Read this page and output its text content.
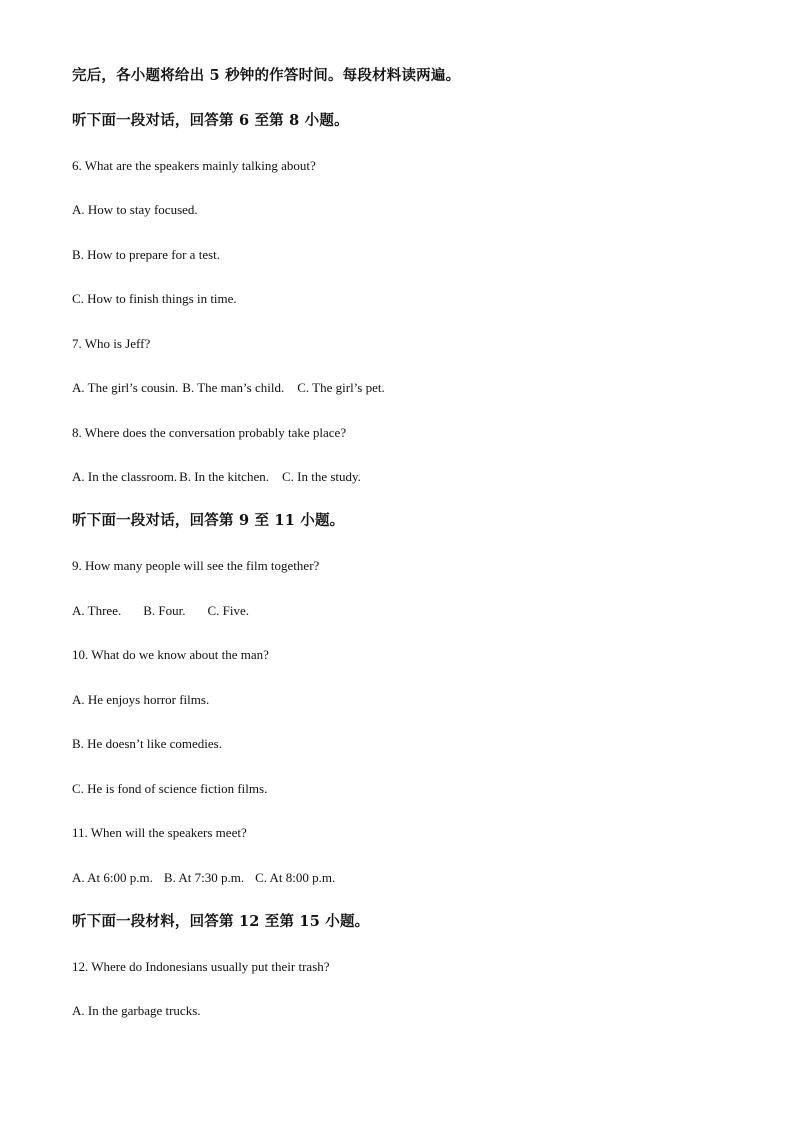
完后，各小题将给出 5 秒钟的作答时间。每段材料读两遍。
听下面一段对话，回答第 6 至第 8 小题。
6. What are the speakers mainly talking about?
A. How to stay focused.
B. How to prepare for a test.
C. How to finish things in time.
7. Who is Jeff?
A. The girl’s cousin. B. The man’s child. C. The girl’s pet.
8. Where does the conversation probably take place?
A. In the classroom. B. In the kitchen. C. In the study.
听下面一段对话，回答第 9 至 11 小题。
9. How many people will see the film together?
A. Three. B. Four. C. Five.
10. What do we know about the man?
A. He enjoys horror films.
B. He doesn’t like comedies.
C. He is fond of science fiction films.
11. When will the speakers meet?
A. At 6:00 p.m. B. At 7:30 p.m. C. At 8:00 p.m.
听下面一段材料，回答第 12 至第 15 小题。
12. Where do Indonesians usually put their trash?
A. In the garbage trucks.
